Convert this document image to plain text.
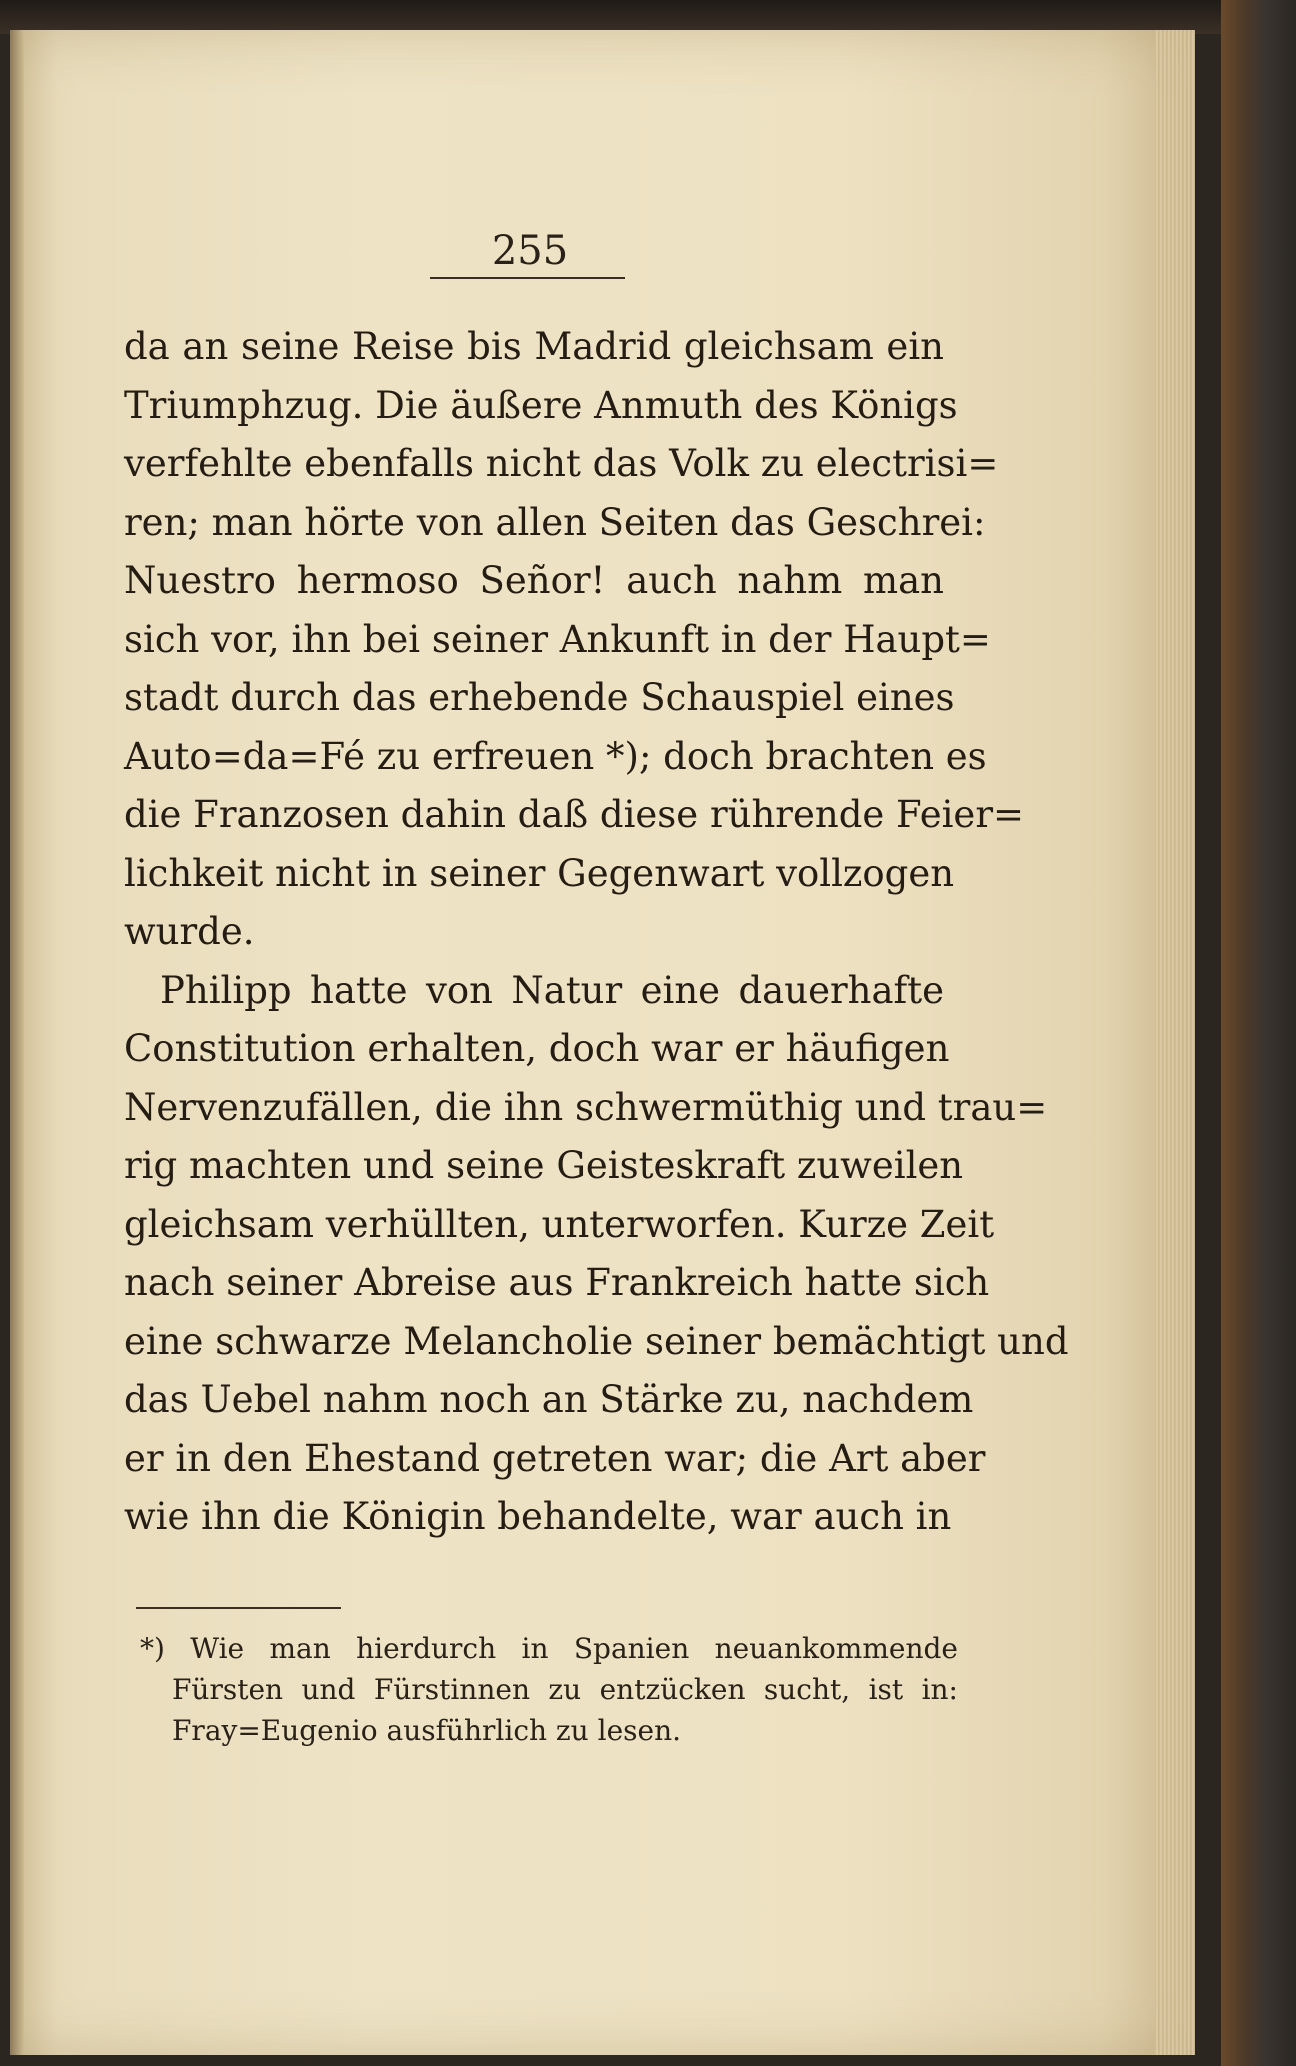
255
da an seine Reise bis Madrid gleichsam ein
Triumphzug. Die äußere Anmuth des Königs
verfehlte ebenfalls nicht das Volk zu electrisi=
ren; man hörte von allen Seiten das Geschrei:
Nuestro hermoso Señor! auch nahm man
sich vor, ihn bei seiner Ankunft in der Haupt=
stadt durch das erhebende Schauspiel eines
Auto=da=Fé zu erfreuen *); doch brachten es
die Franzosen dahin daß diese rührende Feier=
lichkeit nicht in seiner Gegenwart vollzogen
wurde.
Philipp hatte von Natur eine dauerhafte
Constitution erhalten, doch war er häufigen
Nervenzufällen, die ihn schwermüthig und trau=
rig machten und seine Geisteskraft zuweilen
gleichsam verhüllten, unterworfen. Kurze Zeit
nach seiner Abreise aus Frankreich hatte sich
eine schwarze Melancholie seiner bemächtigt und
das Uebel nahm noch an Stärke zu, nachdem
er in den Ehestand getreten war; die Art aber
wie ihn die Königin behandelte, war auch in
*) Wie man hierdurch in Spanien neuankommende
Fürsten und Fürstinnen zu entzücken sucht, ist in:
Fray=Eugenio ausführlich zu lesen.
